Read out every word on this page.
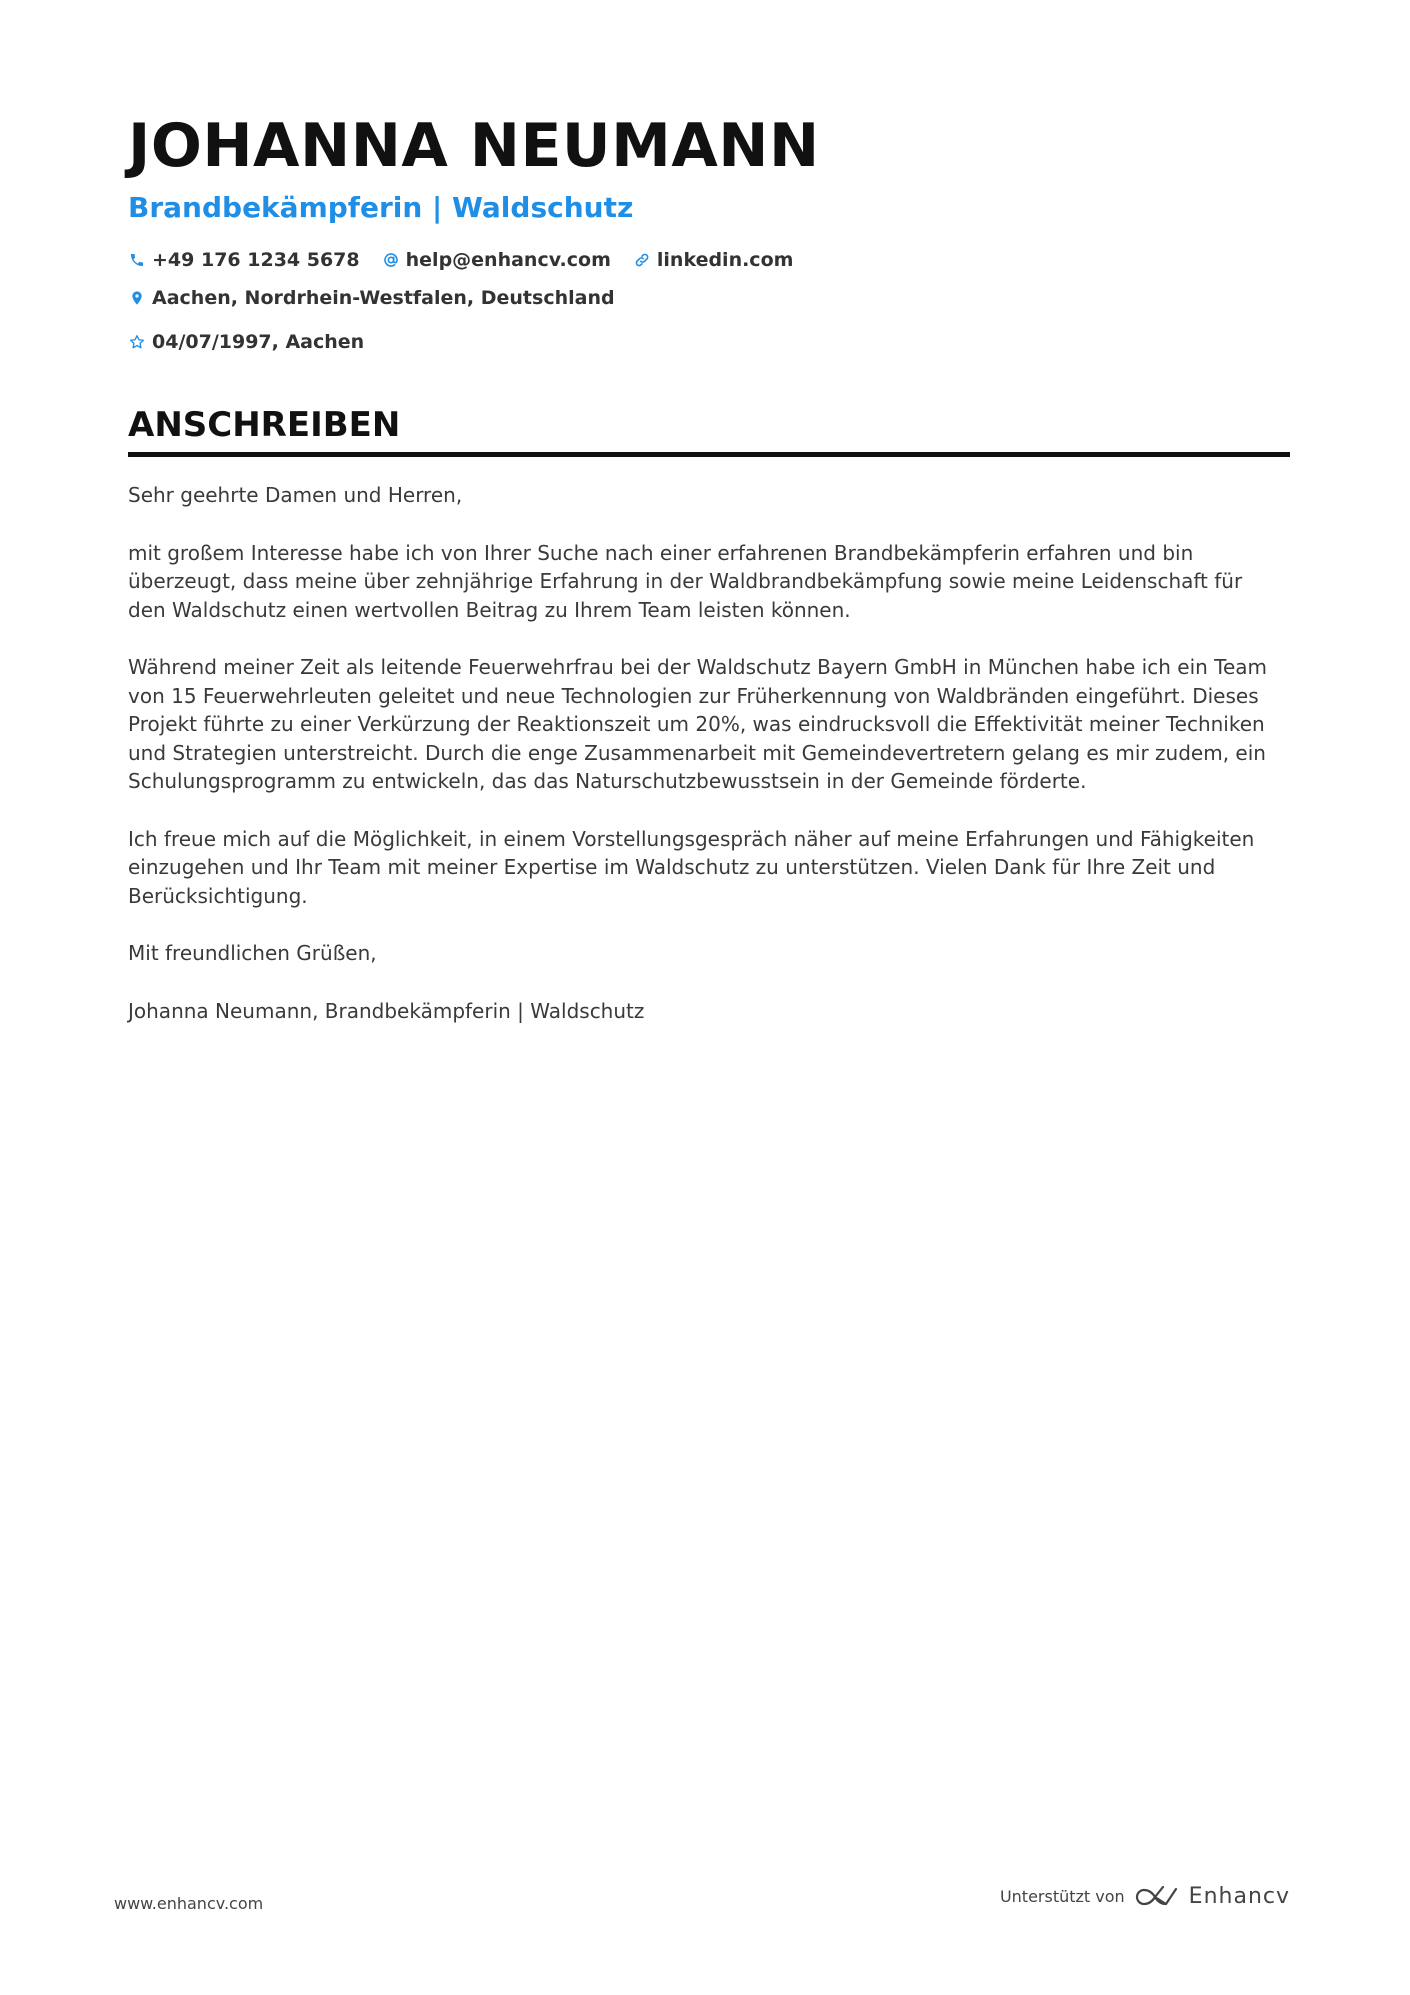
JOHANNA NEUMANN
Brandbekämpferin | Waldschutz
+49 176 1234 5678 help@enhancv.com linkedin.com
Aachen, Nordrhein-Westfalen, Deutschland
04/07/1997, Aachen
ANSCHREIBEN

Sehr geehrte Damen und Herren,

mit großem Interesse habe ich von Ihrer Suche nach einer erfahrenen Brandbekämpferin erfahren und bin überzeugt, dass meine über zehnjährige Erfahrung in der Waldbrandbekämpfung sowie meine Leidenschaft für den Waldschutz einen wertvollen Beitrag zu Ihrem Team leisten können.

Während meiner Zeit als leitende Feuerwehrfrau bei der Waldschutz Bayern GmbH in München habe ich ein Team von 15 Feuerwehrleuten geleitet und neue Technologien zur Früherkennung von Waldbränden eingeführt. Dieses Projekt führte zu einer Verkürzung der Reaktionszeit um 20%, was eindrucksvoll die Effektivität meiner Techniken und Strategien unterstreicht. Durch die enge Zusammenarbeit mit Gemeindevertretern gelang es mir zudem, ein Schulungsprogramm zu entwickeln, das das Naturschutzbewusstsein in der Gemeinde förderte.

Ich freue mich auf die Möglichkeit, in einem Vorstellungsgespräch näher auf meine Erfahrungen und Fähigkeiten einzugehen und Ihr Team mit meiner Expertise im Waldschutz zu unterstützen. Vielen Dank für Ihre Zeit und Berücksichtigung.

Mit freundlichen Grüßen,

Johanna Neumann, Brandbekämpferin | Waldschutz

www.enhancv.com	Unterstützt von	Enhancv
